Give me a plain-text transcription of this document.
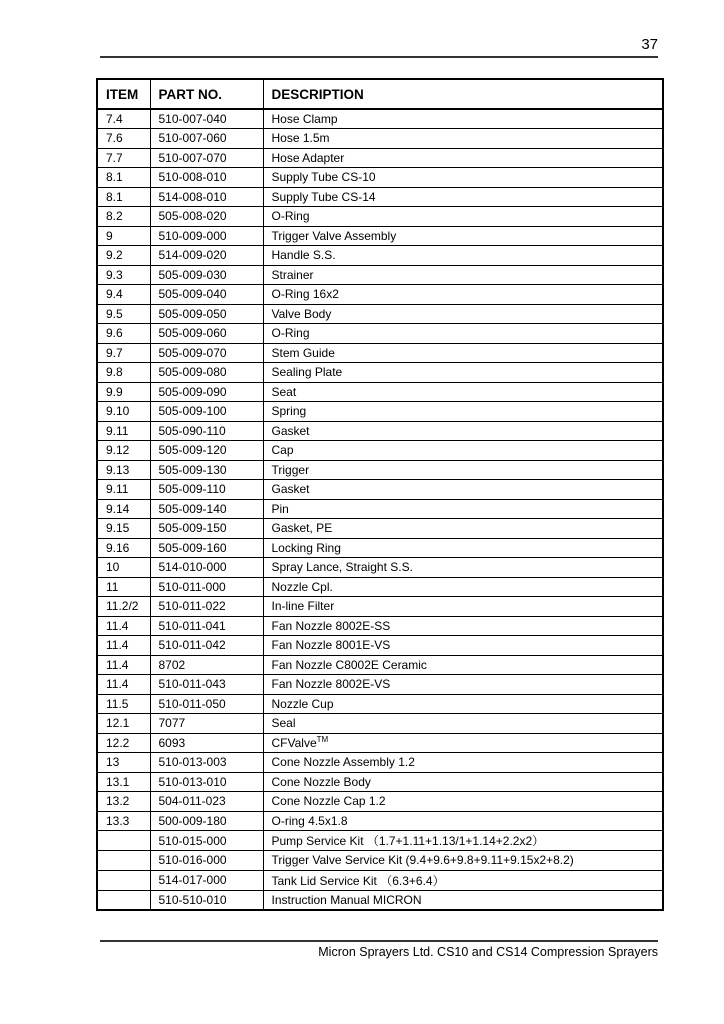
37
ITEM	PART NO.	DESCRIPTION
7.4	510-007-040	Hose Clamp
7.6	510-007-060	Hose 1.5m
7.7	510-007-070	Hose Adapter
8.1	510-008-010	Supply Tube CS-10
8.1	514-008-010	Supply Tube CS-14
8.2	505-008-020	O-Ring
9	510-009-000	Trigger Valve Assembly
9.2	514-009-020	Handle S.S.
9.3	505-009-030	Strainer
9.4	505-009-040	O-Ring 16x2
9.5	505-009-050	Valve Body
9.6	505-009-060	O-Ring
9.7	505-009-070	Stem Guide
9.8	505-009-080	Sealing Plate
9.9	505-009-090	Seat
9.10	505-009-100	Spring
9.11	505-090-110	Gasket
9.12	505-009-120	Cap
9.13	505-009-130	Trigger
9.11	505-009-110	Gasket
9.14	505-009-140	Pin
9.15	505-009-150	Gasket, PE
9.16	505-009-160	Locking Ring
10	514-010-000	Spray Lance, Straight S.S.
11	510-011-000	Nozzle Cpl.
11.2/2	510-011-022	In-line Filter
11.4	510-011-041	Fan Nozzle 8002E-SS
11.4	510-011-042	Fan Nozzle 8001E-VS
11.4	8702	Fan Nozzle C8002E Ceramic
11.4	510-011-043	Fan Nozzle 8002E-VS
11.5	510-011-050	Nozzle Cup
12.1	7077	Seal
12.2	6093	CFValve™
13	510-013-003	Cone Nozzle Assembly 1.2
13.1	510-013-010	Cone Nozzle Body
13.2	504-011-023	Cone Nozzle Cap 1.2
13.3	500-009-180	O-ring 4.5x1.8
	510-015-000	Pump Service Kit （1.7+1.11+1.13/1+1.14+2.2x2）
	510-016-000	Trigger Valve Service Kit (9.4+9.6+9.8+9.11+9.15x2+8.2)
	514-017-000	Tank Lid Service Kit （6.3+6.4）
	510-510-010	Instruction Manual MICRON
Micron Sprayers Ltd. CS10 and CS14 Compression Sprayers
